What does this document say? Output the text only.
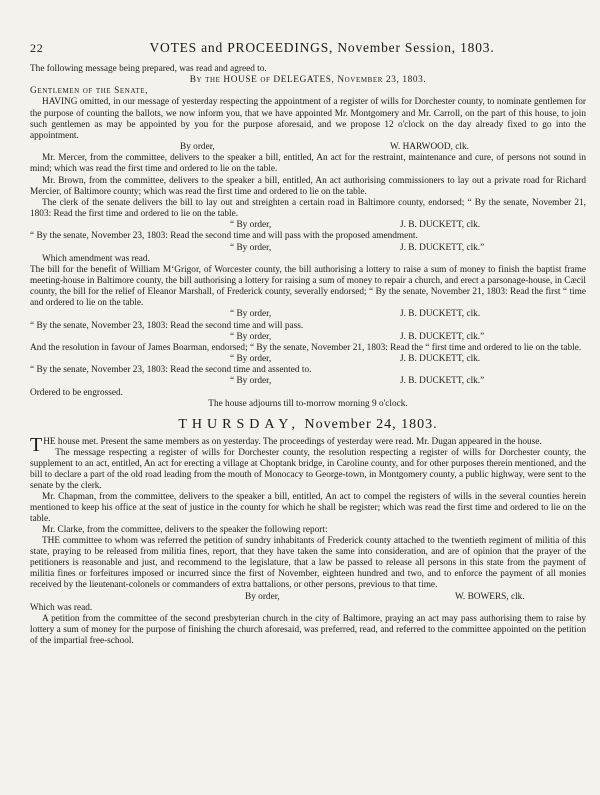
22	VOTES and PROCEEDINGS, November Session, 1803.

The following message being prepared, was read and agreed to.

By the HOUSE of DELEGATES, November 23, 1803.

Gentlemen of the Senate,

HAVING omitted, in our message of yesterday respecting the appointment of a register of wills for Dorchester county, to nominate gentlemen for the purpose of counting the ballots, we now inform you, that we have appointed Mr. Montgomery and Mr. Carroll, on the part of this house, to join such gentlemen as may be appointed by you for the purpose aforesaid, and we propose 12 o'clock on the day already fixed to go into the appointment.

By order,	W. HARWOOD, clk.

Mr. Mercer, from the committee, delivers to the speaker a bill, entitled, An act for the restraint, maintenance and cure, of persons not sound in mind; which was read the first time and ordered to lie on the table.

Mr. Brown, from the committee, delivers to the speaker a bill, entitled, An act authorising commissioners to lay out a private road for Richard Mercier, of Baltimore county; which was read the first time and ordered to lie on the table.

The clerk of the senate delivers the bill to lay out and streighten a certain road in Baltimore county, endorsed; “ By the senate, November 21, 1803: Read the first time and ordered to lie on the table.

“ By order,	J. B. DUCKETT, clk.

“ By the senate, November 23, 1803: Read the second time and will pass with the proposed amendment.

“ By order,	J. B. DUCKETT, clk.”

Which amendment was read.

The bill for the benefit of William M‘Grigor, of Worcester county, the bill authorising a lottery to raise a sum of money to finish the baptist frame meeting-house in Baltimore county, the bill authorising a lottery for raising a sum of money to repair a church, and erect a parsonage-house, in Cæcil county, the bill for the relief of Eleanor Marshall, of Frederick county, severally endorsed; “ By the senate, November 21, 1803: Read the first “ time and ordered to lie on the table.

“ By order,	J. B. DUCKETT, clk.

“ By the senate, November 23, 1803: Read the second time and will pass.

“ By order,	J. B. DUCKETT, clk.”

And the resolution in favour of James Boarman, endorsed; “ By the senate, November 21, 1803: Read the “ first time and ordered to lie on the table.

“ By order,	J. B. DUCKETT, clk.

“ By the senate, November 23, 1803: Read the second time and assented to.

“ By order,	J. B. DUCKETT, clk.”

Ordered to be engrossed.

The house adjourns till to-morrow morning 9 o'clock.

THURSDAY, November 24, 1803.

THE house met. Present the same members as on yesterday. The proceedings of yesterday were read. Mr. Dugan appeared in the house.

The message respecting a register of wills for Dorchester county, the resolution respecting a register of wills for Dorchester county, the supplement to an act, entitled, An act for erecting a village at Choptank bridge, in Caroline county, and for other purposes therein mentioned, and the bill to declare a part of the old road leading from the mouth of Monocacy to George-town, in Montgomery county, a public highway, were sent to the senate by the clerk.

Mr. Chapman, from the committee, delivers to the speaker a bill, entitled, An act to compel the registers of wills in the several counties herein mentioned to keep his office at the seat of justice in the county for which he shall be register; which was read the first time and ordered to lie on the table.

Mr. Clarke, from the committee, delivers to the speaker the following report:

THE committee to whom was referred the petition of sundry inhabitants of Frederick county attached to the twentieth regiment of militia of this state, praying to be released from militia fines, report, that they have taken the same into consideration, and are of opinion that the prayer of the petitioners is reasonable and just, and recommend to the legislature, that a law be passed to release all persons in this state from the payment of militia fines or forfeitures imposed or incurred since the first of November, eighteen hundred and two, and to enforce the payment of all monies received by the lieutenant-colonels or commanders of extra battalions, or other persons, previous to that time.

By order,	W. BOWERS, clk.

Which was read.

A petition from the committee of the second presbyterian church in the city of Baltimore, praying an act may pass authorising them to raise by lottery a sum of money for the purpose of finishing the church aforesaid, was preferred, read, and referred to the committee appointed on the petition of the impartial free-school.
